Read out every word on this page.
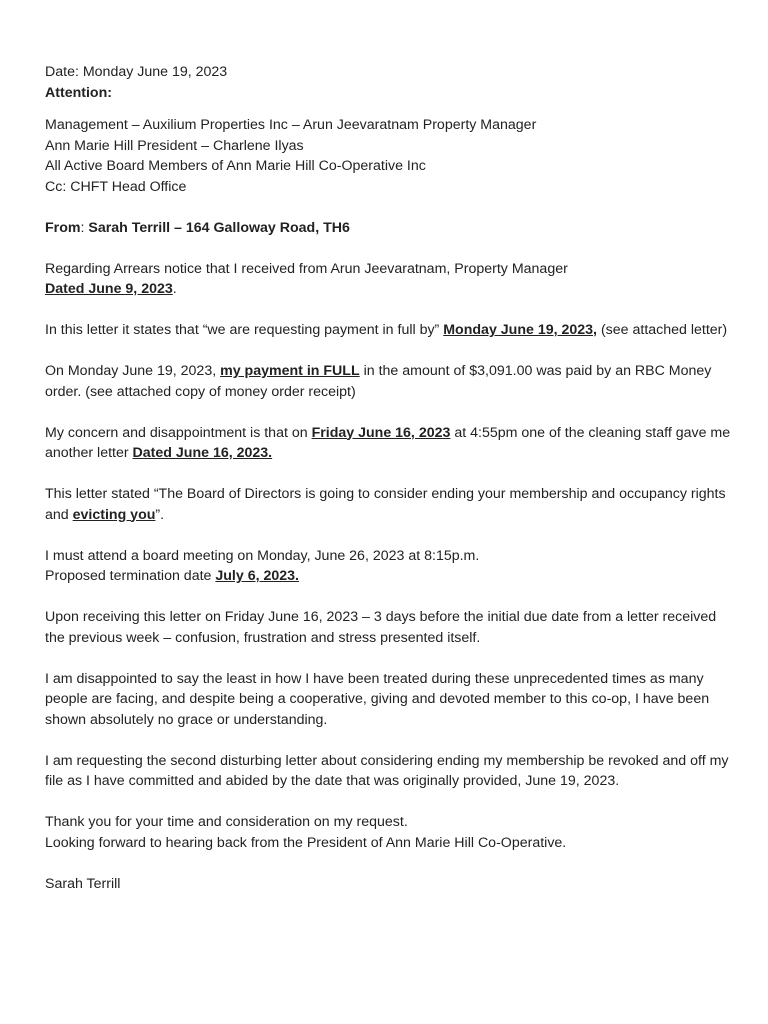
Date: Monday June 19, 2023

Attention:

Management – Auxilium Properties Inc – Arun Jeevaratnam Property Manager
Ann Marie Hill President – Charlene Ilyas
All Active Board Members of Ann Marie Hill Co-Operative Inc
Cc: CHFT Head Office

From: Sarah Terrill – 164 Galloway Road, TH6

Regarding Arrears notice that I received from Arun Jeevaratnam, Property Manager
Dated June 9, 2023.

In this letter it states that “we are requesting payment in full by” Monday June 19, 2023, (see attached letter)

On Monday June 19, 2023, my payment in FULL in the amount of $3,091.00 was paid by an RBC Money order. (see attached copy of money order receipt)

My concern and disappointment is that on Friday June 16, 2023 at 4:55pm one of the cleaning staff gave me another letter Dated June 16, 2023.

This letter stated “The Board of Directors is going to consider ending your membership and occupancy rights and evicting you”.

I must attend a board meeting on Monday, June 26, 2023 at 8:15p.m.
Proposed termination date July 6, 2023.

Upon receiving this letter on Friday June 16, 2023 – 3 days before the initial due date from a letter received the previous week – confusion, frustration and stress presented itself.

I am disappointed to say the least in how I have been treated during these unprecedented times as many people are facing, and despite being a cooperative, giving and devoted member to this co-op, I have been shown absolutely no grace or understanding.

I am requesting the second disturbing letter about considering ending my membership be revoked and off my file as I have committed and abided by the date that was originally provided, June 19, 2023.

Thank you for your time and consideration on my request.
Looking forward to hearing back from the President of Ann Marie Hill Co-Operative.

Sarah Terrill
